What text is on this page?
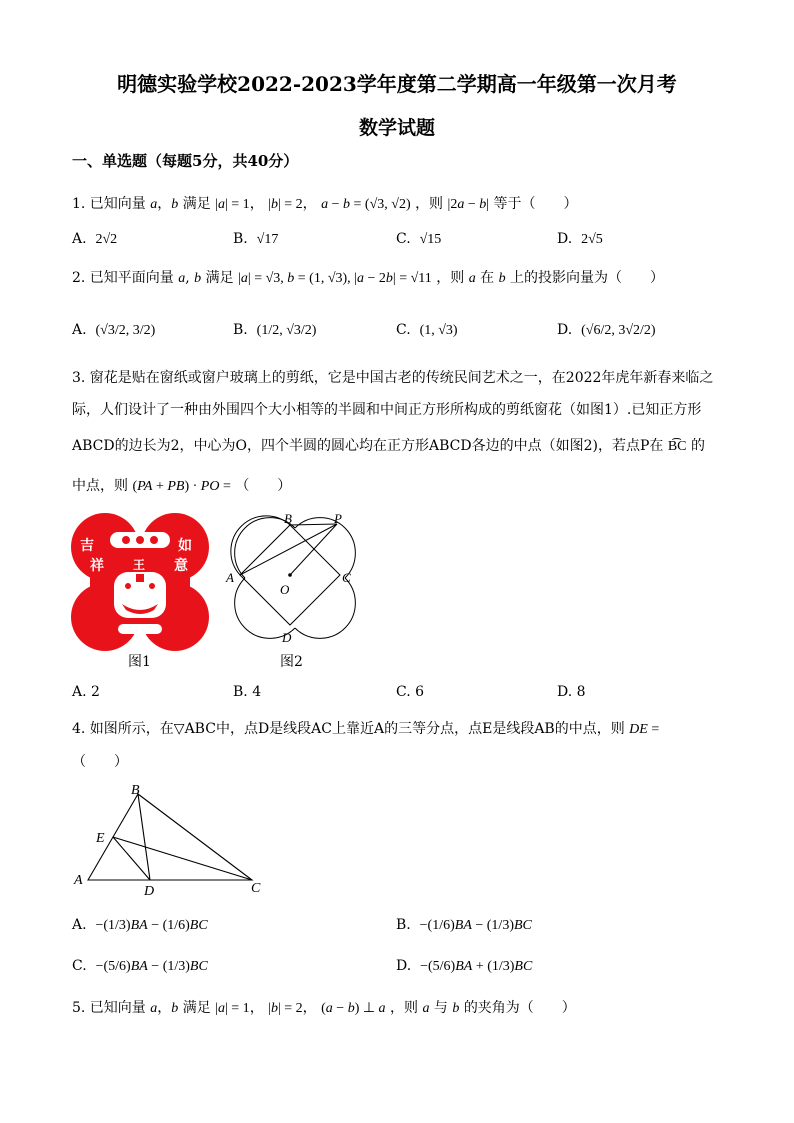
明德实验学校2022-2023学年度第二学期高一年级第一次月考
数学试题
一、单选题（每题5分，共40分）
1. 已知向量 a，b 满足 |a| = 1， |b| = 2， a − b = (√3, √2) ，则 |2a − b| 等于（　　）
A. 2√2	B. √17	C. √15	D. 2√5
2. 已知平面向量 a, b 满足 |a| = √3, b = (1, √3), |a − 2b| = √11 ，则 a 在 b 上的投影向量为（　　）
A. (√3/2, 3/2)	B. (1/2, √3/2)	C. (1, √3)	D. (√6/2, 3√2/2)
3. 窗花是贴在窗纸或窗户玻璃上的剪纸，它是中国古老的传统民间艺术之一，在2022年虎年新春来临之
际，人们设计了一种由外围四个大小相等的半圆和中间正方形所构成的剪纸窗花（如图1）.已知正方形
ABCD的边长为2，中心为O，四个半圆的圆心均在正方形ABCD各边的中点（如图2)，若点P在 B͡C 的
中点，则 (PA + PB) · PO = （　　）
吉
祥
如
意
王
图1
B	P
A
O
C
D
图2
A. 2	B. 4	C. 6	D. 8
4. 如图所示，在▽ABC中，点D是线段AC上靠近A的三等分点，点E是线段AB的中点，则 DE =
（　　）
B
E
A
D	C
A. −(1/3)BA − (1/6)BC	B. −(1/6)BA − (1/3)BC
C. −(5/6)BA − (1/3)BC	D. −(5/6)BA + (1/3)BC
5. 已知向量 a，b 满足 |a| = 1， |b| = 2， (a − b) ⊥ a ，则 a 与 b 的夹角为（　　）
